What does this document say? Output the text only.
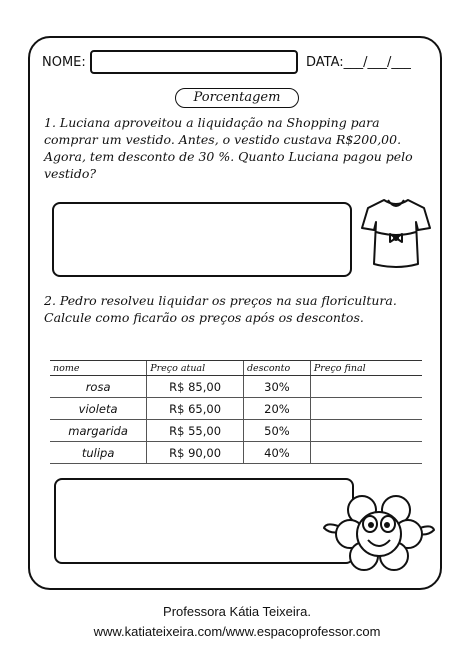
NOME:	DATA:___/___/___
Porcentagem
1. Luciana aproveitou a liquidação na Shopping para
comprar um vestido. Antes, o vestido custava R$200,00.
Agora, tem desconto de 30 %. Quanto Luciana pagou pelo
vestido?
2. Pedro resolveu liquidar os preços na sua floricultura.
Calcule como ficarão os preços após os descontos.
nome	Preço atual	desconto	Preço final
rosa	R$ 85,00	30%	
violeta	R$ 65,00	20%	
margarida	R$ 55,00	50%	
tulipa	R$ 90,00	40%	
Professora Kátia Teixeira.
www.katiateixeira.com/www.espacoprofessor.com
